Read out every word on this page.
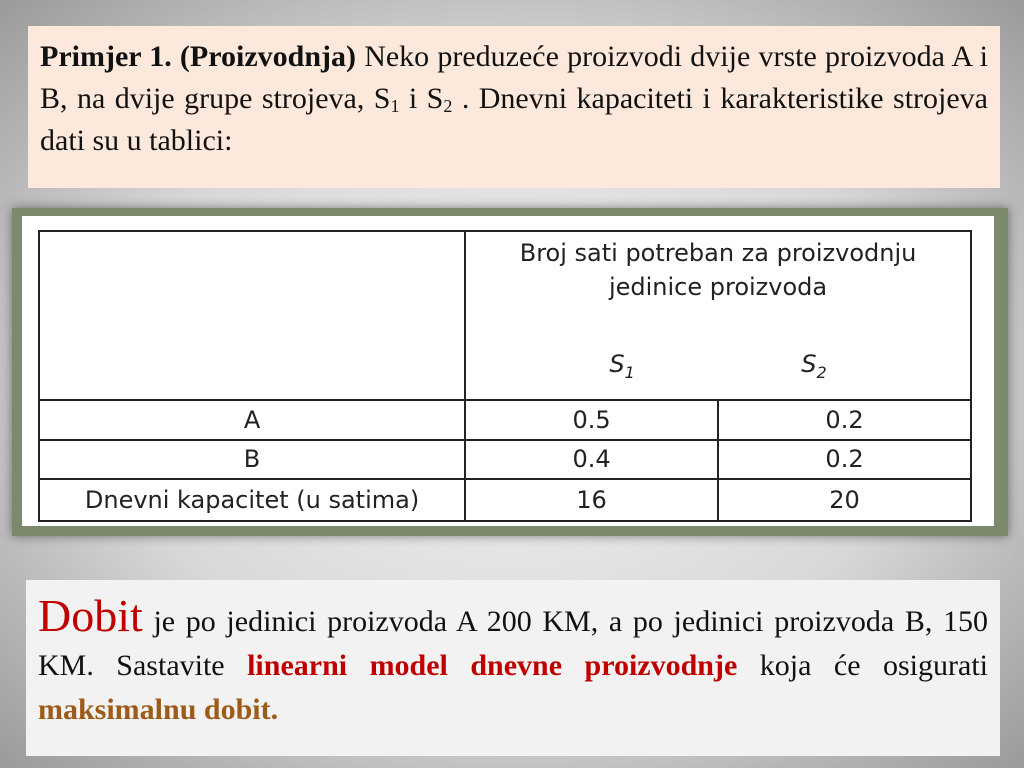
Primjer 1. (Proizvodnja) Neko preduzeće proizvodi dvije vrste proizvoda A i B, na dvije grupe strojeva, $S_1$ i $S_2$ . Dnevni kapaciteti i karakteristike strojeva dati su u tablici:

	Broj sati potreban za proizvodnju
jedinice proizvoda
$S_1$ $S_2$

A	0.5	0.2
B	0.4	0.2
Dnevni kapacitet (u satima)	16	20

Dobit je po jedinici proizvoda A 200 KM, a po jedinici proizvoda B, 150 KM. Sastavite linearni model dnevne proizvodnje koja će osigurati maksimalnu dobit.
